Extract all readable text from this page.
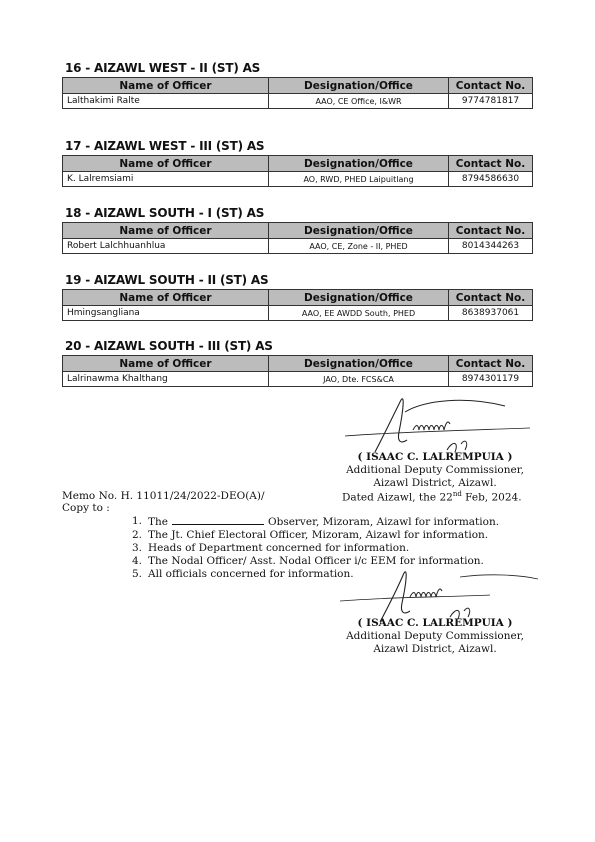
16 - AIZAWL WEST - II (ST) AS
Name of Officer	Designation/Office	Contact No.
Lalthakimi Ralte	AAO, CE Office, I&WR	9774781817
17 - AIZAWL WEST - III (ST) AS
Name of Officer	Designation/Office	Contact No.
K. Lalremsiami	AO, RWD, PHED Laipuitlang	8794586630
18 - AIZAWL SOUTH - I (ST) AS
Name of Officer	Designation/Office	Contact No.
Robert Lalchhuanhlua	AAO, CE, Zone - II, PHED	8014344263
19 - AIZAWL SOUTH - II (ST) AS
Name of Officer	Designation/Office	Contact No.
Hmingsangliana	AAO, EE AWDD South, PHED	8638937061
20 - AIZAWL SOUTH - III (ST) AS
Name of Officer	Designation/Office	Contact No.
Lalrinawma Khalthang	JAO, Dte. FCS&CA	8974301179
( ISAAC C. LALREMPUIA )
Additional Deputy Commissioner,
Aizawl District, Aizawl.
Memo No. H. 11011/24/2022-DEO(A)/
Copy to :
Dated Aizawl, the 22nd Feb, 2024.
1. The	Observer, Mizoram, Aizawl for information.
2. The Jt. Chief Electoral Officer, Mizoram, Aizawl for information.
3. Heads of Department concerned for information.
4. The Nodal Officer/ Asst. Nodal Officer i/c EEM for information.
5. All officials concerned for information.
( ISAAC C. LALREMPUIA )
Additional Deputy Commissioner,
Aizawl District, Aizawl.
